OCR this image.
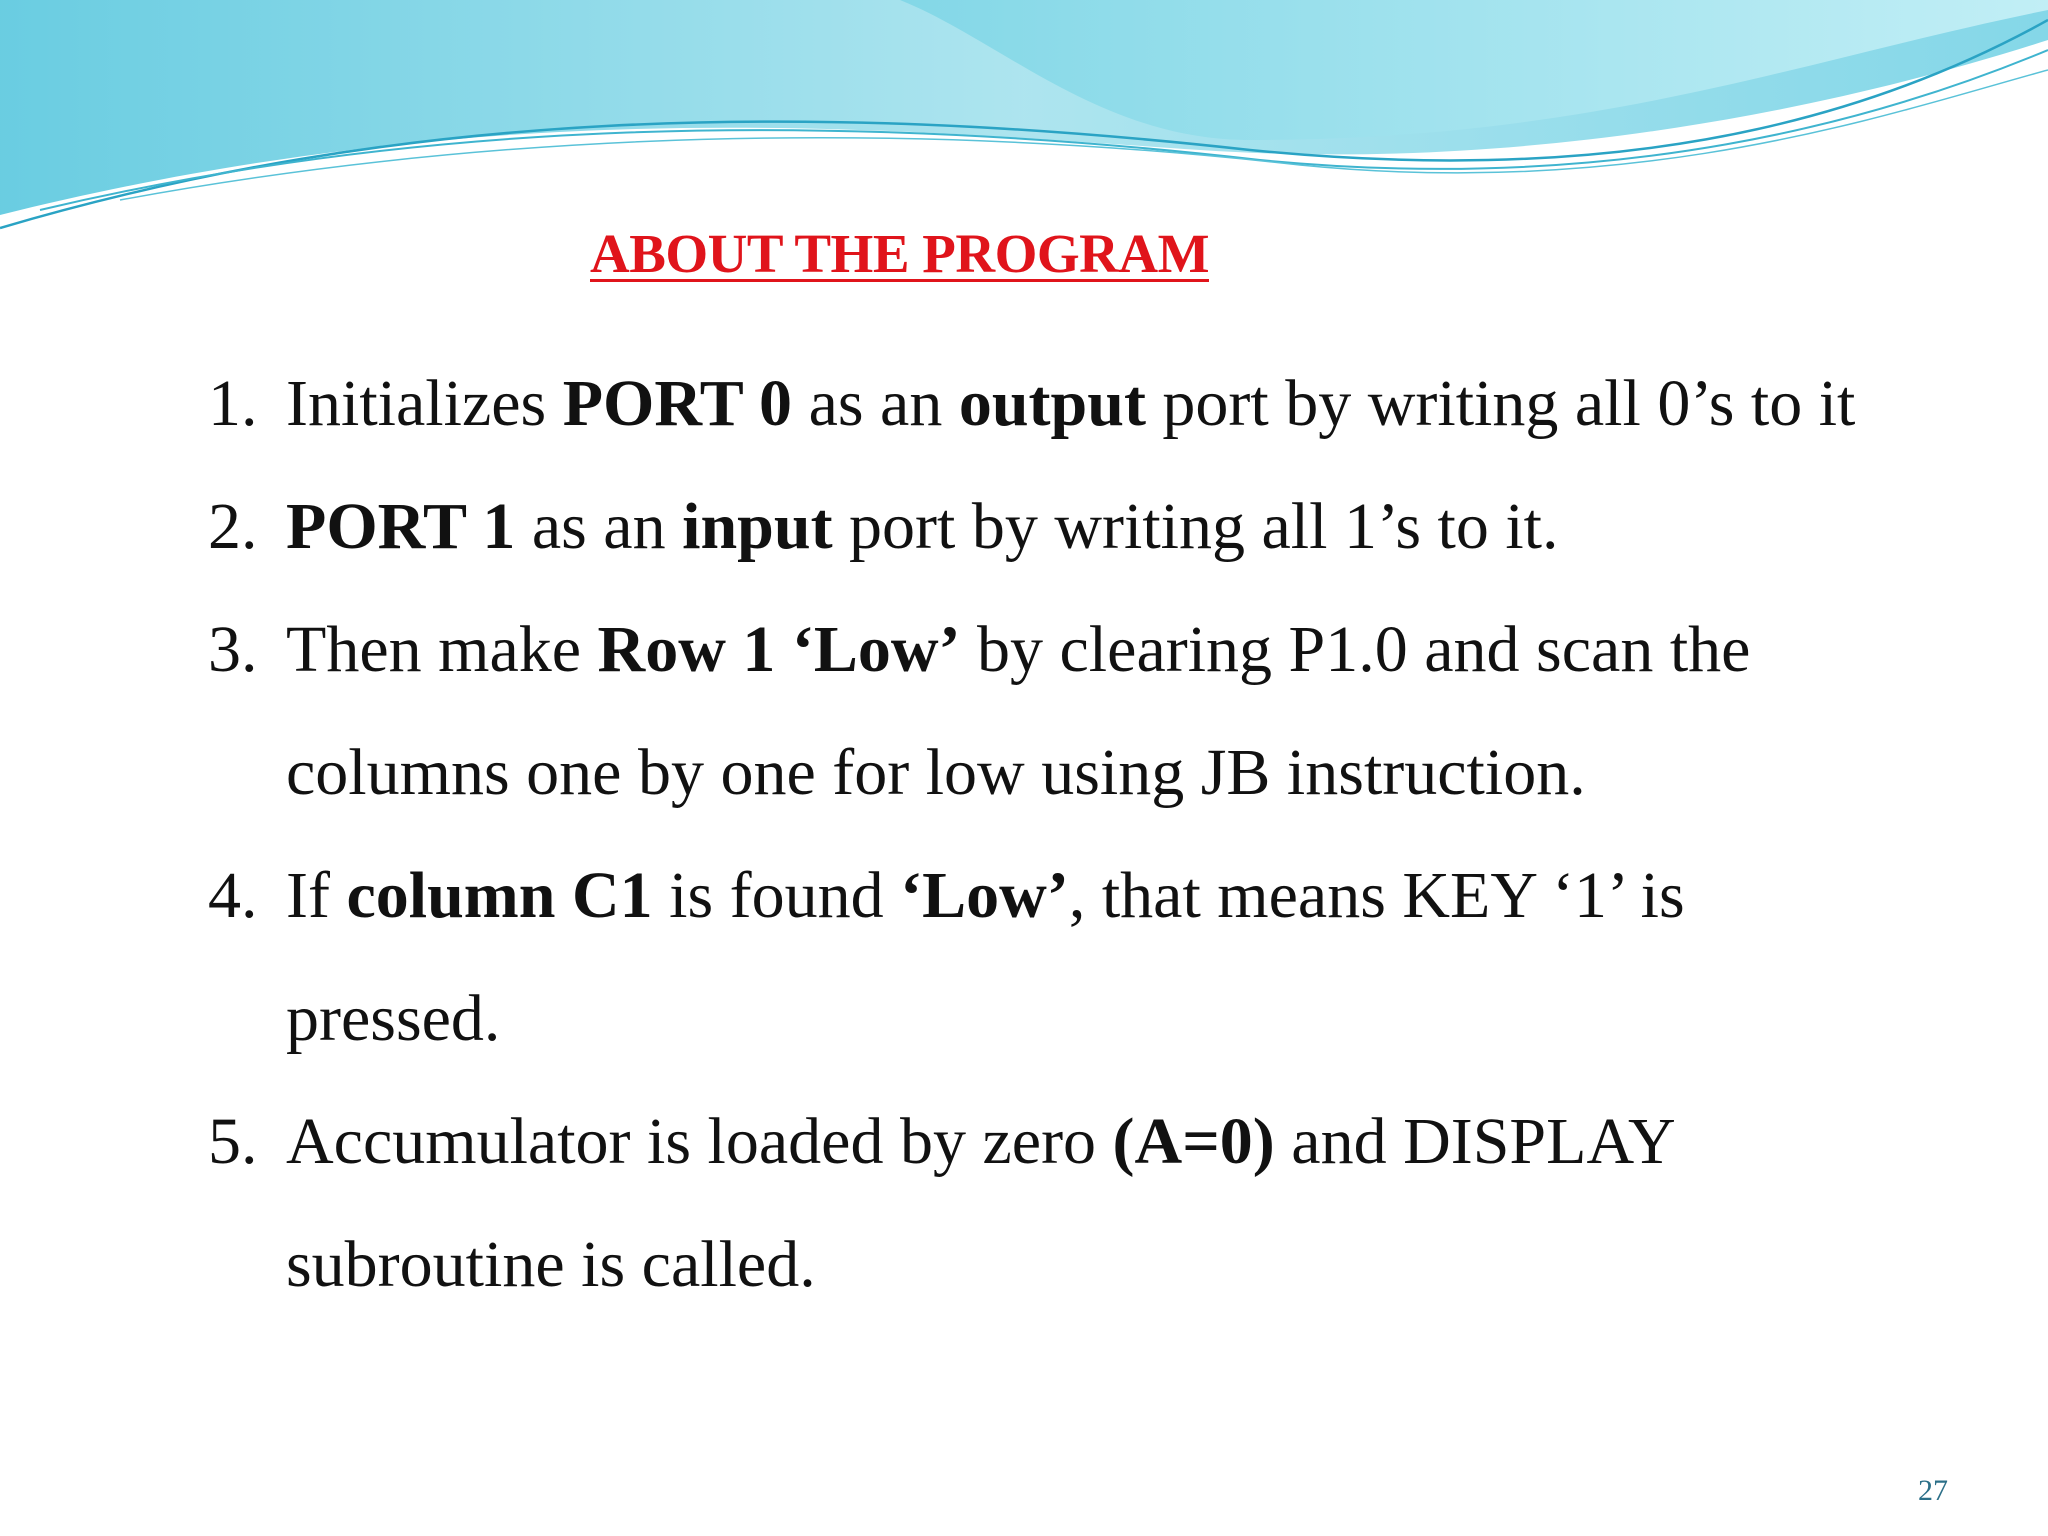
ABOUT THE PROGRAM
1. Initializes PORT 0 as an output port by writing all 0’s to it
2. PORT 1 as an input port by writing all 1’s to it.
3. Then make Row 1 ‘Low’ by clearing P1.0 and scan the columns one by one for low using JB instruction.
4. If column C1 is found ‘Low’, that means KEY ‘1’ is pressed.
5. Accumulator is loaded by zero (A=0) and DISPLAY subroutine is called.
27
